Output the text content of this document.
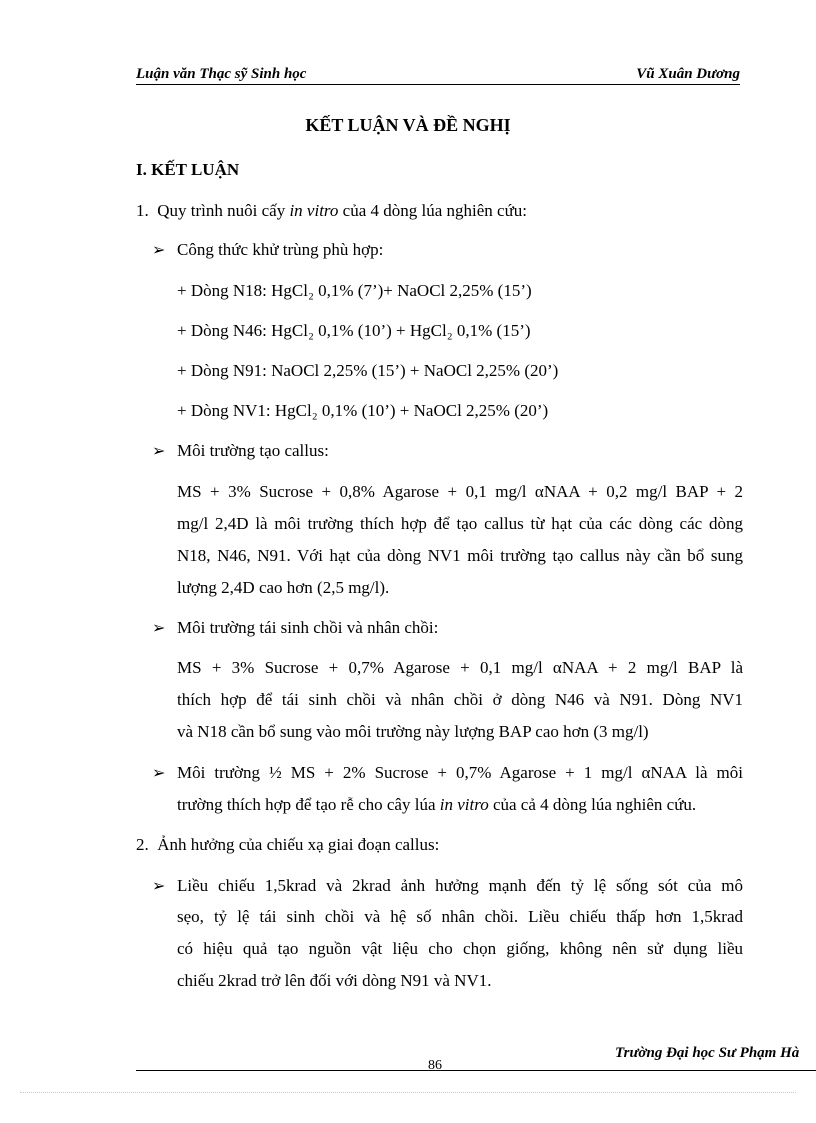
Luận văn Thạc sỹ Sinh học	Vũ Xuân Dương
KẾT LUẬN VÀ ĐỀ NGHỊ
I. KẾT LUẬN
1. Quy trình nuôi cấy in vitro của 4 dòng lúa nghiên cứu:
➢ Công thức khử trùng phù hợp:
+ Dòng N18: HgCl₂ 0,1% (7’)+ NaOCl 2,25% (15’)
+ Dòng N46: HgCl₂ 0,1% (10’) + HgCl₂ 0,1% (15’)
+ Dòng N91: NaOCl 2,25% (15’) + NaOCl 2,25% (20’)
+ Dòng NV1: HgCl₂ 0,1% (10’) + NaOCl 2,25% (20’)
➢ Môi trường tạo callus:
MS + 3% Sucrose + 0,8% Agarose + 0,1 mg/l αNAA + 0,2 mg/l BAP + 2
mg/l 2,4D là môi trường thích hợp để tạo callus từ hạt của các dòng các dòng
N18, N46, N91. Với hạt của dòng NV1 môi trường tạo callus này cần bổ sung
lượng 2,4D cao hơn (2,5 mg/l).
➢ Môi trường tái sinh chồi và nhân chồi:
MS + 3% Sucrose + 0,7% Agarose + 0,1 mg/l αNAA + 2 mg/l BAP là
thích hợp để tái sinh chồi và nhân chồi ở dòng N46 và N91. Dòng NV1
và N18 cần bổ sung vào môi trường này lượng BAP cao hơn (3 mg/l)
➢ Môi trường ½ MS + 2% Sucrose + 0,7% Agarose + 1 mg/l αNAA là môi
trường thích hợp để tạo rễ cho cây lúa in vitro của cả 4 dòng lúa nghiên cứu.
2. Ảnh hưởng của chiếu xạ giai đoạn callus:
➢ Liều chiếu 1,5krad và 2krad ảnh hưởng mạnh đến tỷ lệ sống sót của mô
sẹo, tỷ lệ tái sinh chồi và hệ số nhân chồi. Liều chiếu thấp hơn 1,5krad
có hiệu quả tạo nguồn vật liệu cho chọn giống, không nên sử dụng liều
chiếu 2krad trở lên đối với dòng N91 và NV1.
Trường Đại học Sư Phạm Hà
86
